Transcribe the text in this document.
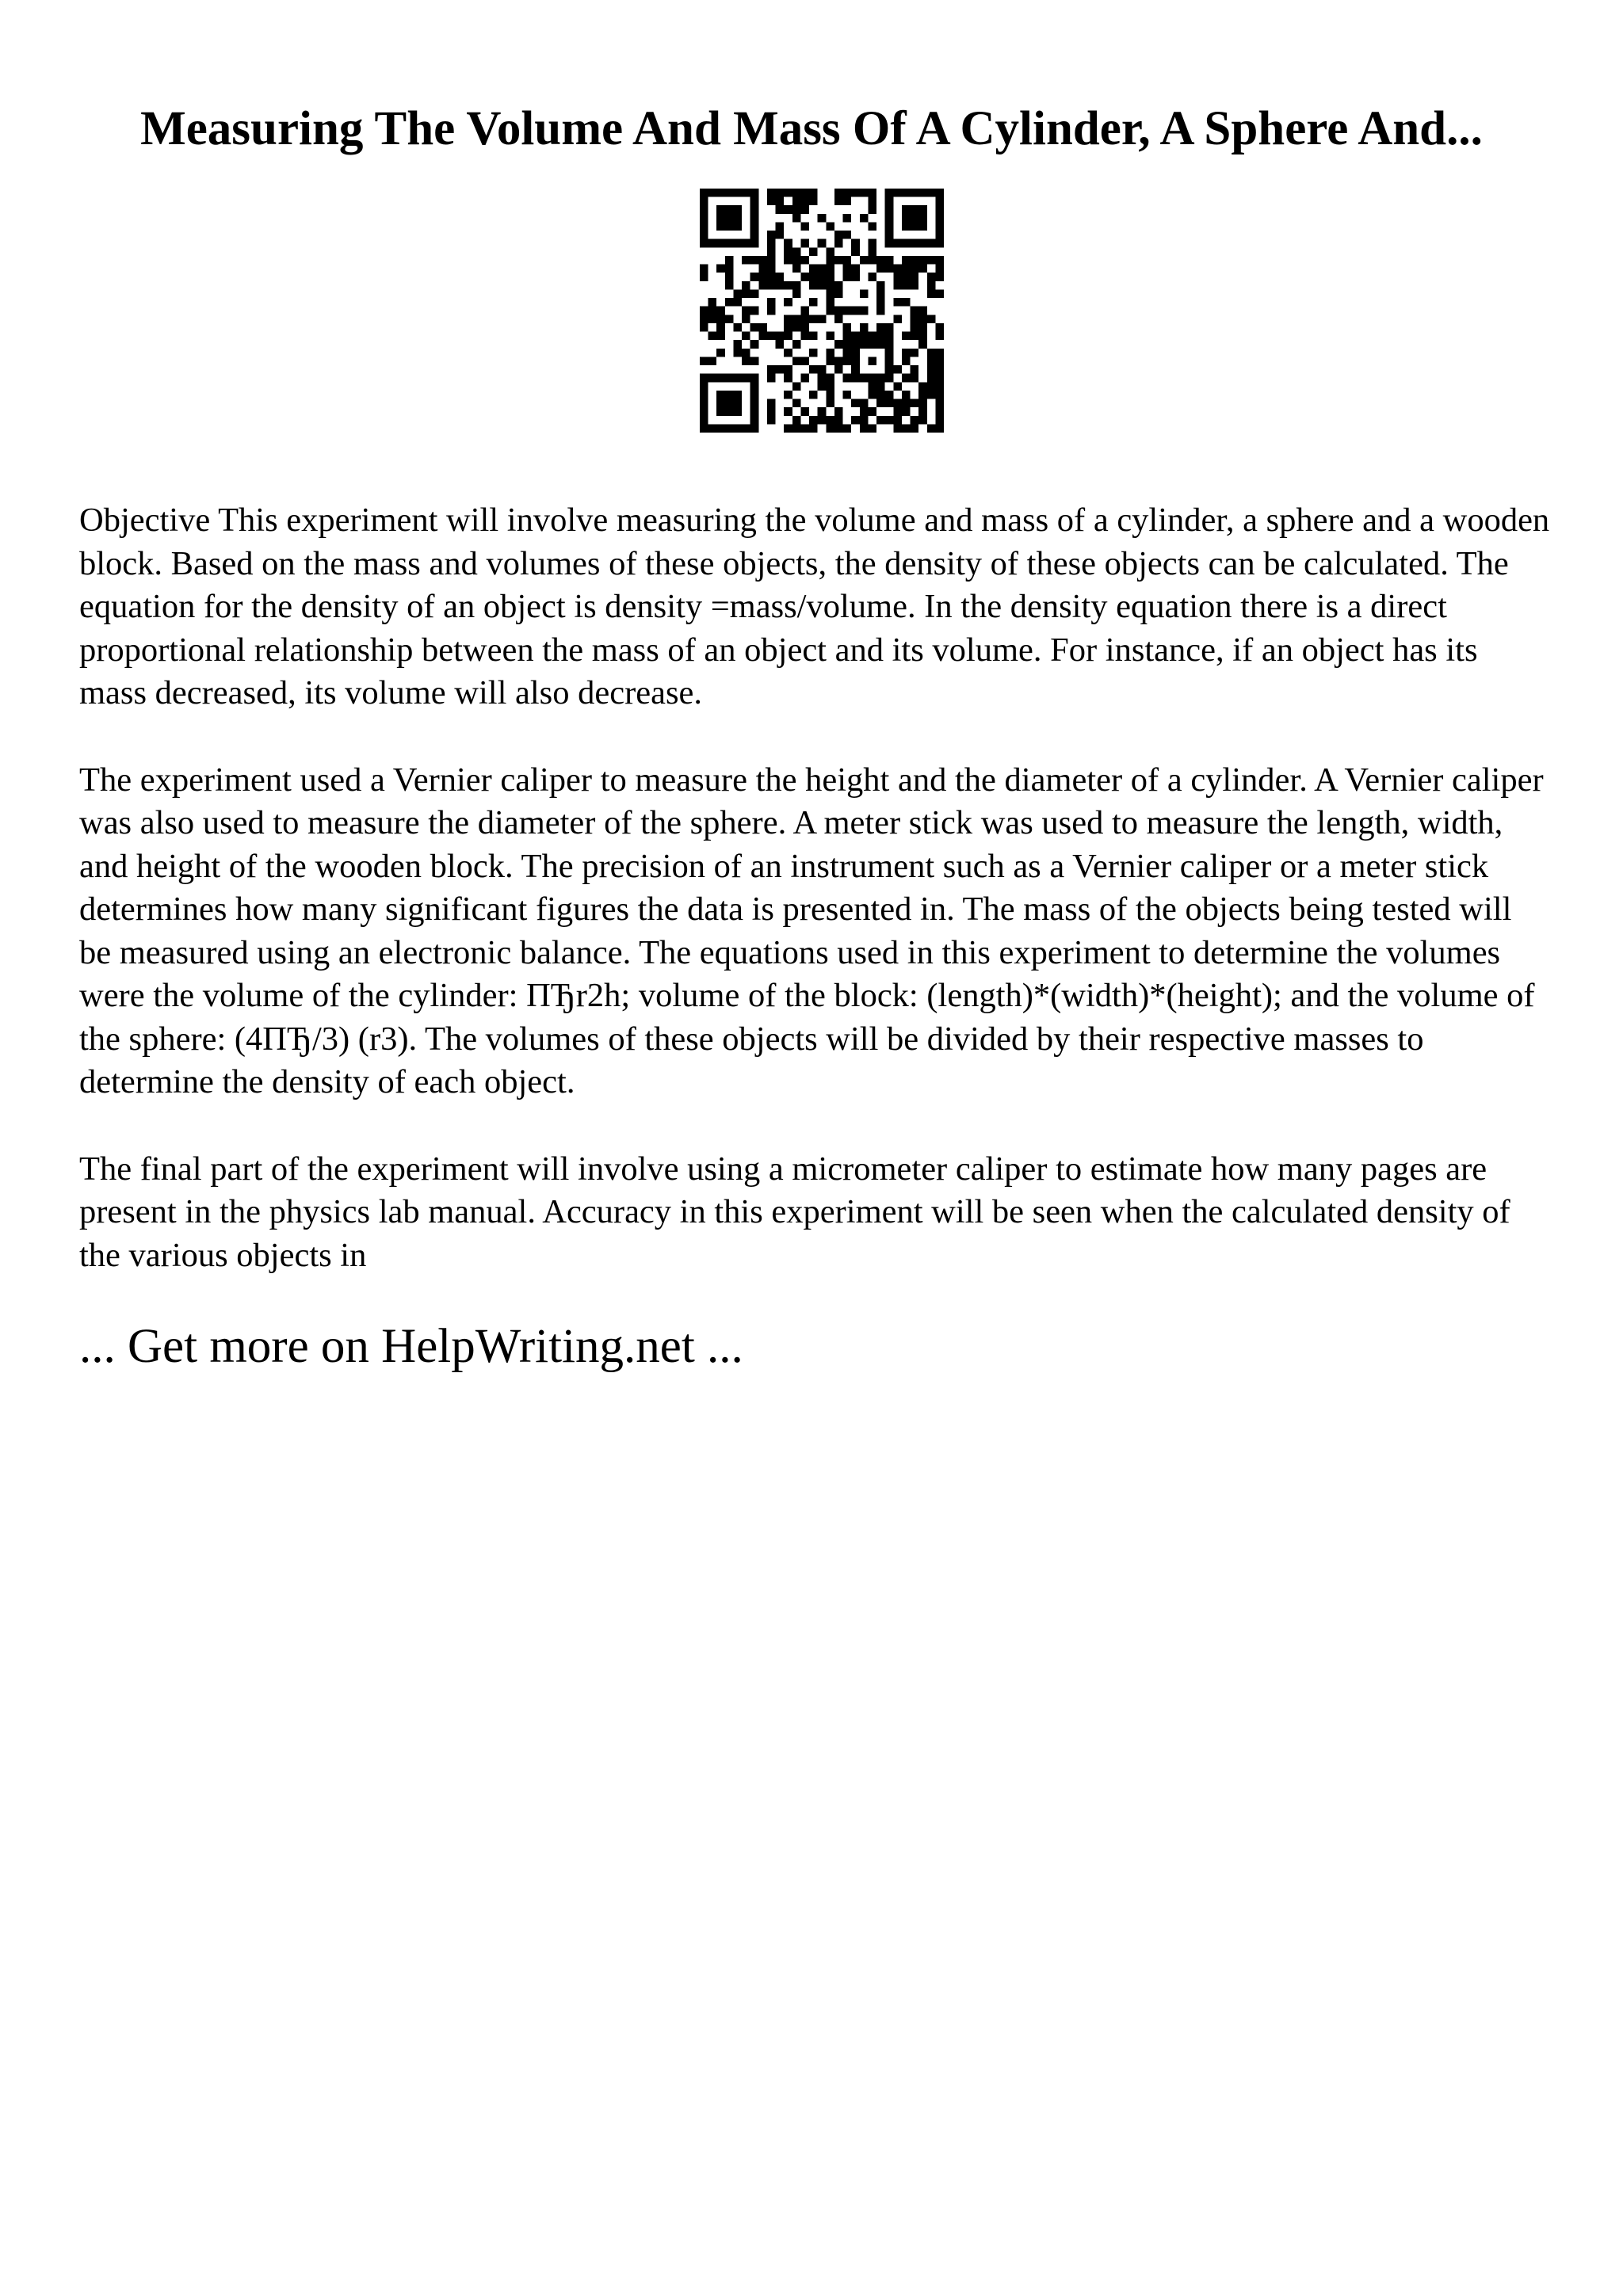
Measuring The Volume And Mass Of A Cylinder, A Sphere And...

Objective This experiment will involve measuring the volume and mass of a cylinder, a sphere and a wooden block. Based on the mass and volumes of these objects, the density of these objects can be calculated. The equation for the density of an object is density =mass/volume. In the density equation there is a direct proportional relationship between the mass of an object and its volume. For instance, if an object has its mass decreased, its volume will also decrease.

The experiment used a Vernier caliper to measure the height and the diameter of a cylinder. A Vernier caliper was also used to measure the diameter of the sphere. A meter stick was used to measure the length, width, and height of the wooden block. The precision of an instrument such as a Vernier caliper or a meter stick determines how many significant figures the data is presented in. The mass of the objects being tested will be measured using an electronic balance. The equations used in this experiment to determine the volumes were the volume of the cylinder: ПЂr2h; volume of the block: (length)*(width)*(height); and the volume of the sphere: (4ПЂ/3) (r3). The volumes of these objects will be divided by their respective masses to determine the density of each object.

The final part of the experiment will involve using a micrometer caliper to estimate how many pages are present in the physics lab manual. Accuracy in this experiment will be seen when the calculated density of the various objects in

... Get more on HelpWriting.net ...
